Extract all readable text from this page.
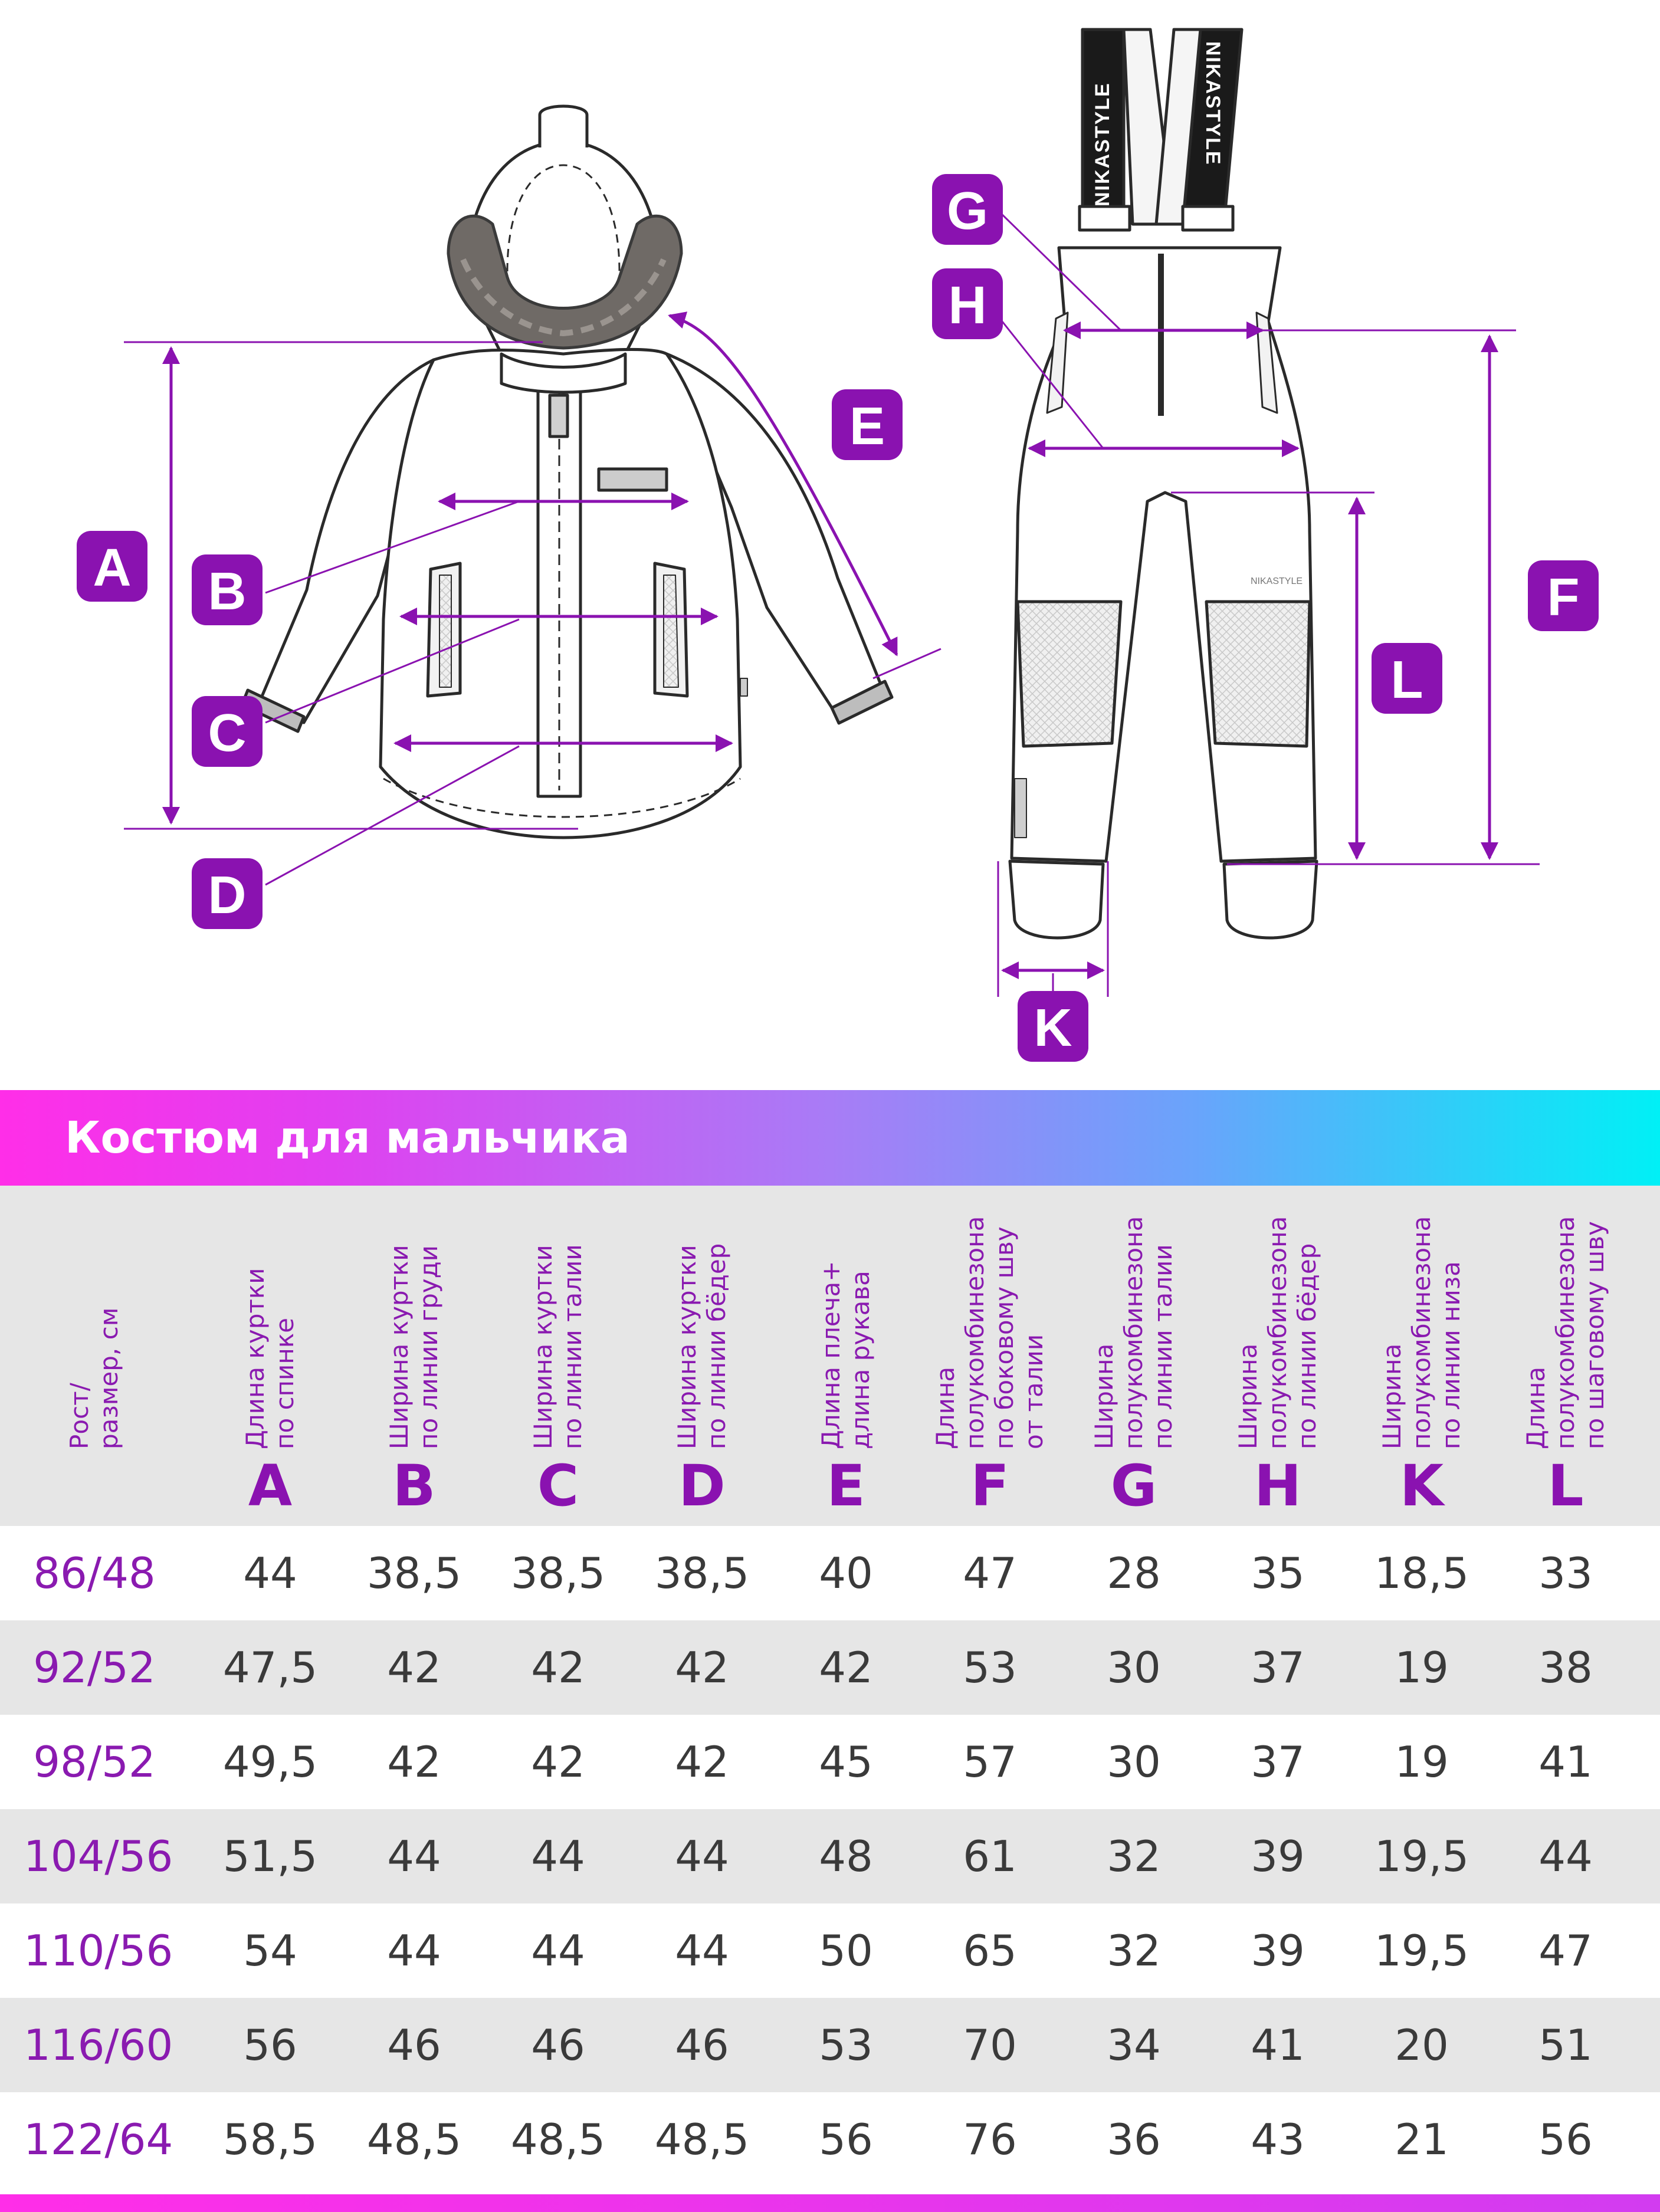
NIKASTYLE	NIKASTYLE
NIKASTYLE
A B
C
D
E
F
G
H
K
L
Костюм для мальчика
Рост/
размер, см
Длина куртки
по спинке
A
Ширина куртки
по линии груди
B
Ширина куртки
по линии талии
C
Ширина куртки
по линии бёдер
D
Длина плеча+
длина рукава
E
Длина
полукомбинезона
по боковому шву
от талии
F
Ширина
полукомбинезона
по линии талии
G
Ширина
полукомбинезона
по линии бёдер
H
Ширина
полукомбинезона
по линии низа
K
Длина
полукомбинезона
по шаговому шву
L
86/48	44	38,5	38,5	38,5	40	47	28	35	18,5	33
92/52	47,5	42	42	42	42	53	30	37	19	38
98/52	49,5	42	42	42	45	57	30	37	19	41
104/56	51,5	44	44	44	48	61	32	39	19,5	44
110/56	54	44	44	44	50	65	32	39	19,5	47
116/60	56	46	46	46	53	70	34	41	20	51
122/64	58,5	48,5	48,5	48,5	56	76	36	43	21	56
